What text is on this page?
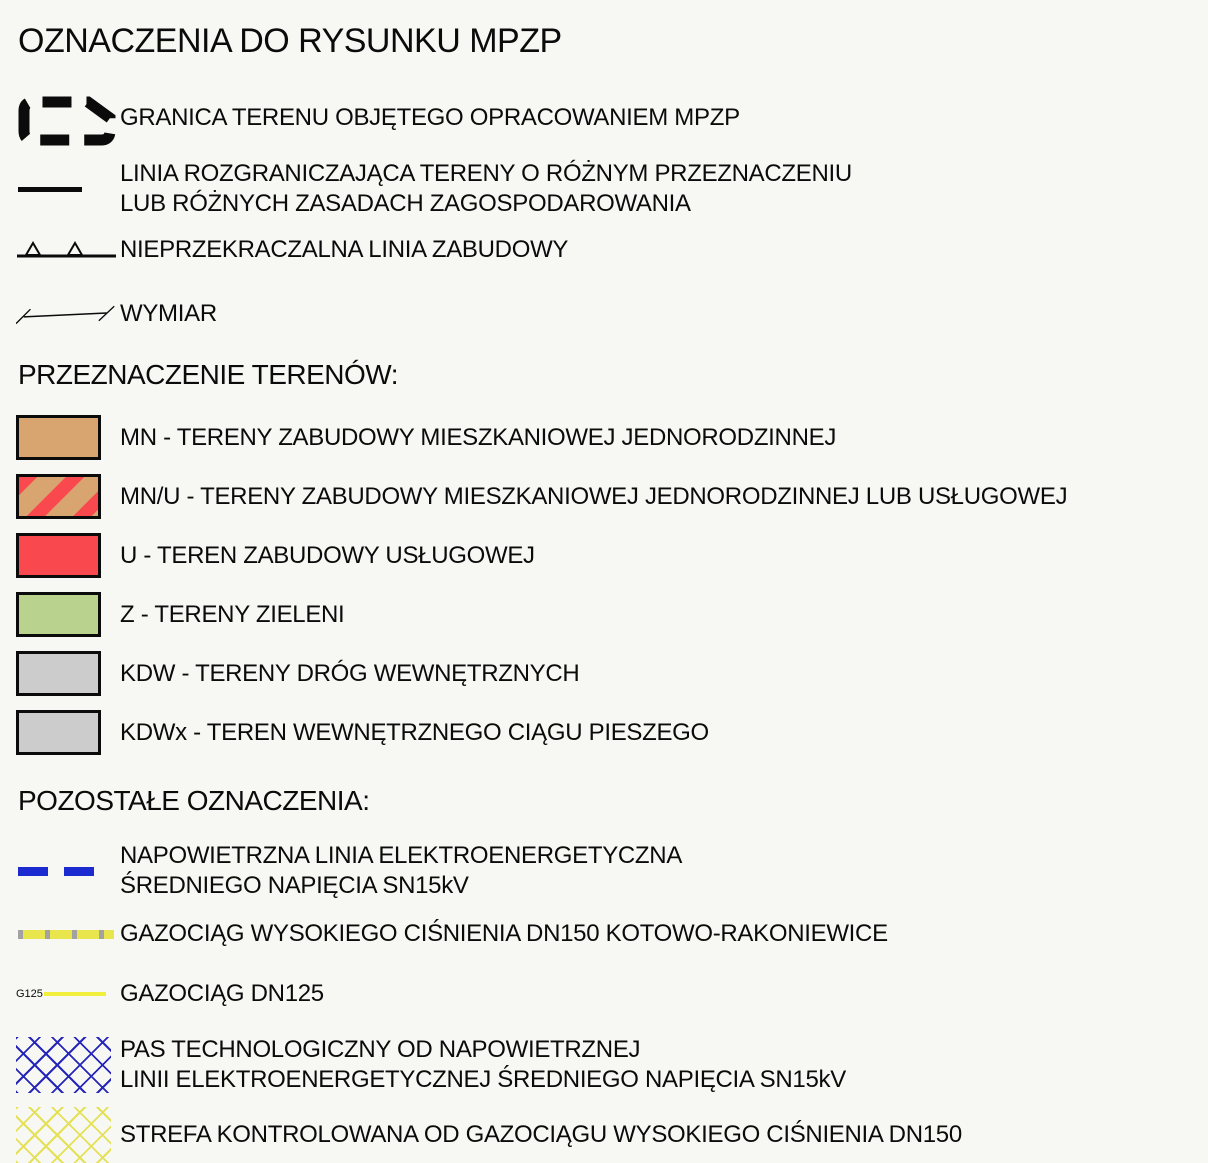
OZNACZENIA DO RYSUNKU MPZP
GRANICA TERENU OBJĘTEGO OPRACOWANIEM MPZP
LINIA ROZGRANICZAJĄCA TERENY O RÓŻNYM PRZEZNACZENIU
LUB RÓŻNYCH ZASADACH ZAGOSPODAROWANIA
NIEPRZEKRACZALNA LINIA ZABUDOWY
WYMIAR
PRZEZNACZENIE TERENÓW:
MN - TERENY ZABUDOWY MIESZKANIOWEJ JEDNORODZINNEJ
MN/U - TERENY ZABUDOWY MIESZKANIOWEJ JEDNORODZINNEJ LUB USŁUGOWEJ
U - TEREN ZABUDOWY USŁUGOWEJ
Z - TERENY ZIELENI
KDW - TERENY DRÓG WEWNĘTRZNYCH
KDWx - TEREN WEWNĘTRZNEGO CIĄGU PIESZEGO
POZOSTAŁE OZNACZENIA:
NAPOWIETRZNA LINIA ELEKTROENERGETYCZNA
ŚREDNIEGO NAPIĘCIA SN15kV
GAZOCIĄG WYSOKIEGO CIŚNIENIA DN150 KOTOWO-RAKONIEWICE
G125	GAZOCIĄG DN125
PAS TECHNOLOGICZNY OD NAPOWIETRZNEJ
LINII ELEKTROENERGETYCZNEJ ŚREDNIEGO NAPIĘCIA SN15kV
STREFA KONTROLOWANA OD GAZOCIĄGU WYSOKIEGO CIŚNIENIA DN150
